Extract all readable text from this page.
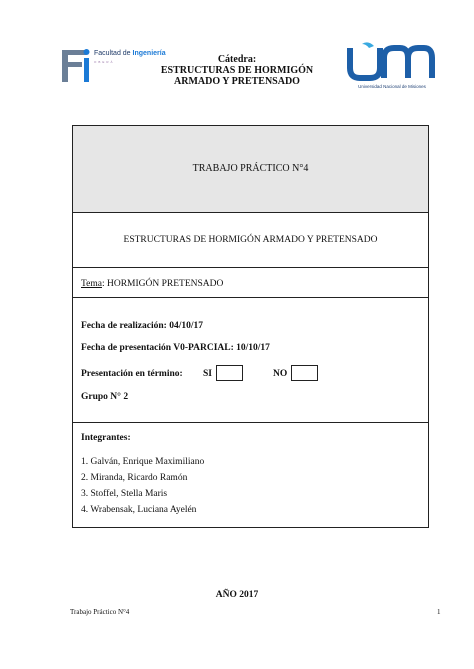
Facultad de Ingeniería
OBERÁ	Cátedra:
ESTRUCTURAS DE HORMIGÓN
ARMADO Y PRETENSADO	Universidad Nacional de Misiones
TRABAJO PRÁCTICO N°4
ESTRUCTURAS DE HORMIGÓN ARMADO Y PRETENSADO
Tema: HORMIGÓN PRETENSADO
Fecha de realización: 04/10/17
Fecha de presentación V0-PARCIAL: 10/10/17
Presentación en término: SI	NO
Grupo N° 2
Integrantes:
1. Galván, Enrique Maximiliano
2. Miranda, Ricardo Ramón
3. Stoffel, Stella Maris
4. Wrabensak, Luciana Ayelén
AÑO 2017
Trabajo Práctico N°4	1
